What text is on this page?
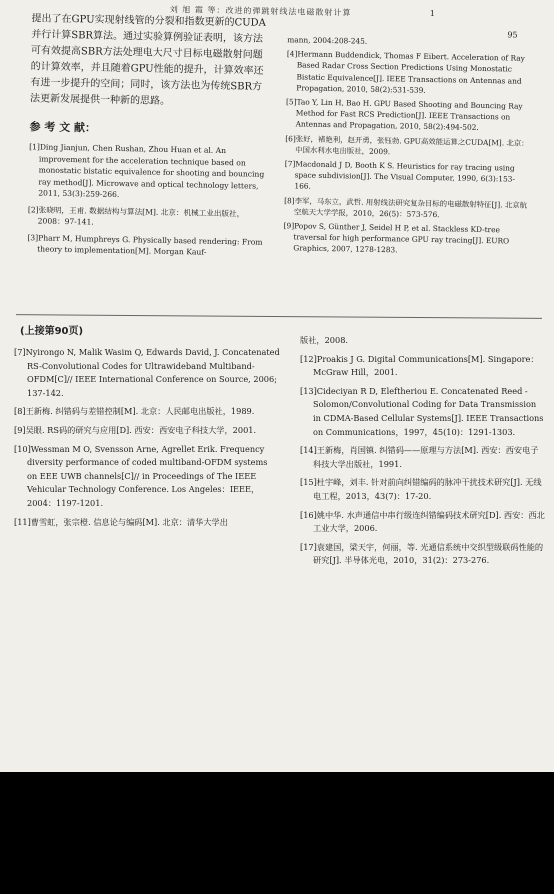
刘 旭 霞 等：改进的弹跳射线法电磁散射计算	1
95

提出了在GPU实现射线管的分裂和指数更新的CUDA并行计算SBR算法。通过实验算例验证表明，该方法可有效提高SBR方法处理电大尺寸目标电磁散射问题的计算效率，并且随着GPU性能的提升，计算效率还有进一步提升的空间；同时，该方法也为传统SBR方法更新发展提供一种新的思路。

参 考 文 献：

[1]Ding Jianjun, Chen Rushan, Zhou Huan et al. An improvement for the acceleration technique based on monostatic bistatic equivalence for shooting and bouncing ray method[J]. Microwave and optical technology letters, 2011, 53(3):259-266.

[2]张晓明，王甫. 数据结构与算法[M]. 北京：机械工业出版社，2008：97-141.

[3]Pharr M, Humphreys G. Physically based rendering: From theory to implementation[M]. Morgan Kauf-

mann, 2004:208-245.

[4]Hermann Buddendick, Thomas F Eibert. Acceleration of Ray Based Radar Cross Section Predictions Using Monostatic Bistatic Equivalence[J]. IEEE Transactions on Antennas and Propagation, 2010, 58(2):531-539.

[5]Tao Y, Lin H, Bao H. GPU Based Shooting and Bouncing Ray Method for Fast RCS Prediction[J]. IEEE Transactions on Antennas and Propagation, 2010, 58(2):494-502.

[6]张好，褚艳利，赵开勇，张钰勃. GPU高效能运算之CUDA[M]. 北京：中国水利水电出版社，2009.

[7]Macdonald J D, Booth K S. Heuristics for ray tracing using space subdivision[J]. The Visual Computer, 1990, 6(3):153-166.

[8]李军，马东立，武哲. 用射线法研究复杂目标的电磁散射特征[J]. 北京航空航天大学学报，2010，26(5)：573-576.

[9]Popov S, Günther J, Seidel H P, et al. Stackless KD-tree traversal for high performance GPU ray tracing[J]. EURO Graphics, 2007, 1278-1283.

(上接第90页)

[7]Nyirongo N, Malik Wasim Q, Edwards David, J. Concatenated RS-Convolutional Codes for Ultrawideband Multiband-OFDM[C]// IEEE International Conference on Source, 2006; 137-142.

[8]王新梅. 纠错码与差错控制[M]. 北京：人民邮电出版社，1989.

[9]吴眼. RS码的研究与应用[D]. 西安：西安电子科技大学，2001.

[10]Wessman M O, Svensson Arne, Agrellet Erik. Frequency diversity performance of coded multiband-OFDM systems on EEE UWB channels[C]// in Proceedings of The IEEE Vehicular Technology Conference. Los Angeles：IEEE，2004：1197-1201.

[11]曹雪虹，张宗橙. 信息论与编码[M]. 北京：清华大学出

版社，2008.

[12]Proakis J G. Digital Communications[M]. Singapore：McGraw Hill，2001.

[13]Cideciyan R D, Eleftheriou E. Concatenated Reed - Solomon/Convolutional Coding for Data Transmission in CDMA-Based Cellular Systems[J]. IEEE Transactions on Communications，1997，45(10)：1291-1303.

[14]王新梅，肖国镇. 纠错码——原理与方法[M]. 西安：西安电子科技大学出版社，1991.

[15]杜宇峰，刘丰. 针对前向纠错编码的脉冲干扰技术研究[J]. 无线电工程，2013，43(7)：17-20.

[16]姚中华. 水声通信中串行级连纠错编码技术研究[D]. 西安：西北工业大学，2006.

[17]袁建国，梁天宇，何丽，等. 光通信系统中交织型级联码性能的研究[J]. 半导体光电，2010，31(2)：273-276.
